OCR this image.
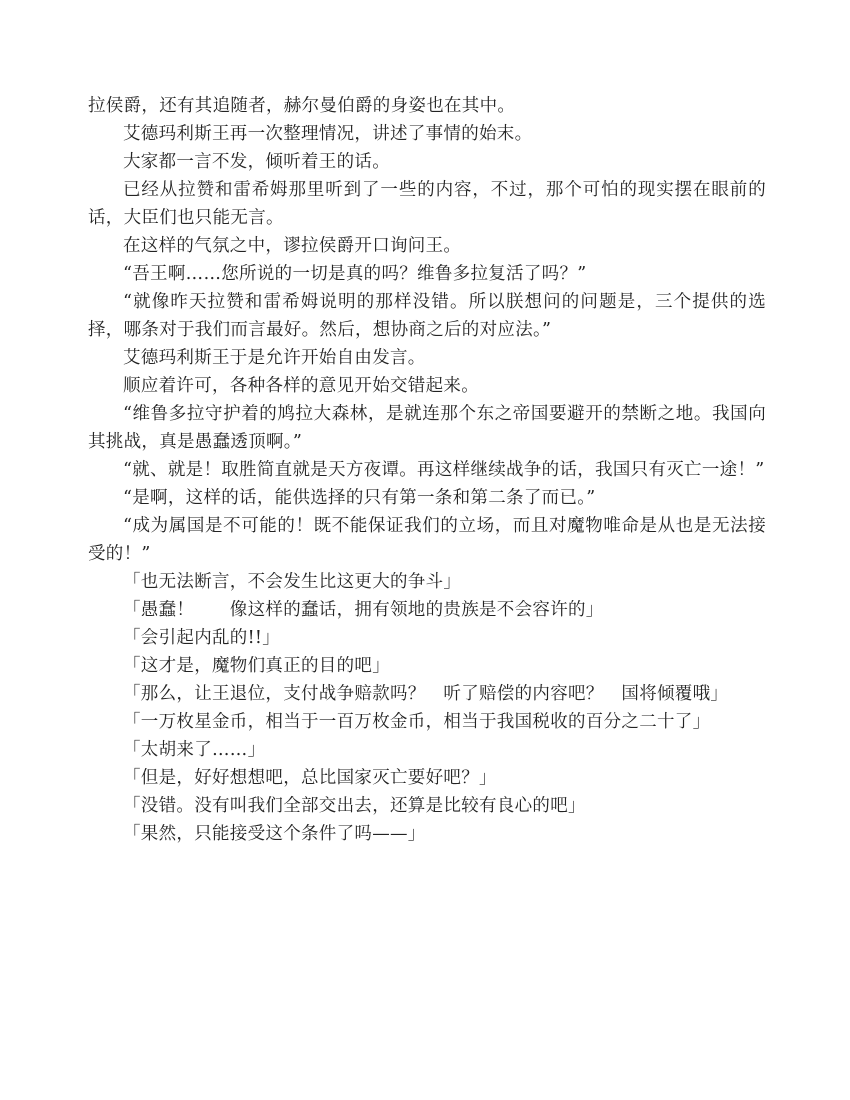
拉侯爵，还有其追随者，赫尔曼伯爵的身姿也在其中。

艾德玛利斯王再一次整理情况，讲述了事情的始末。

大家都一言不发，倾听着王的话。

已经从拉赞和雷希姆那里听到了一些的内容，不过，那个可怕的现实摆在眼前的话，大臣们也只能无言。

在这样的气氛之中，谬拉侯爵开口询问王。

“吾王啊……您所说的一切是真的吗？维鲁多拉复活了吗？”

“就像昨天拉赞和雷希姆说明的那样没错。所以朕想问的问题是，三个提供的选择，哪条对于我们而言最好。然后，想协商之后的对应法。”

艾德玛利斯王于是允许开始自由发言。

顺应着许可，各种各样的意见开始交错起来。

“维鲁多拉守护着的鸠拉大森林，是就连那个东之帝国要避开的禁断之地。我国向其挑战，真是愚蠢透顶啊。”

“就、就是！取胜简直就是天方夜谭。再这样继续战争的话，我国只有灭亡一途！”

“是啊，这样的话，能供选择的只有第一条和第二条了而已。”

“成为属国是不可能的！既不能保证我们的立场，而且对魔物唯命是从也是无法接受的！”

「也无法断言，不会发生比这更大的争斗」

「愚蠢！　　像这样的蠢话，拥有领地的贵族是不会容许的」

「会引起内乱的!!」

「这才是，魔物们真正的目的吧」

「那么，让王退位，支付战争赔款吗？　听了赔偿的内容吧？　国将倾覆哦」

「一万枚星金币，相当于一百万枚金币，相当于我国税收的百分之二十了」

「太胡来了……」

「但是，好好想想吧，总比国家灭亡要好吧？」

「没错。没有叫我们全部交出去，还算是比较有良心的吧」

「果然，只能接受这个条件了吗——」
